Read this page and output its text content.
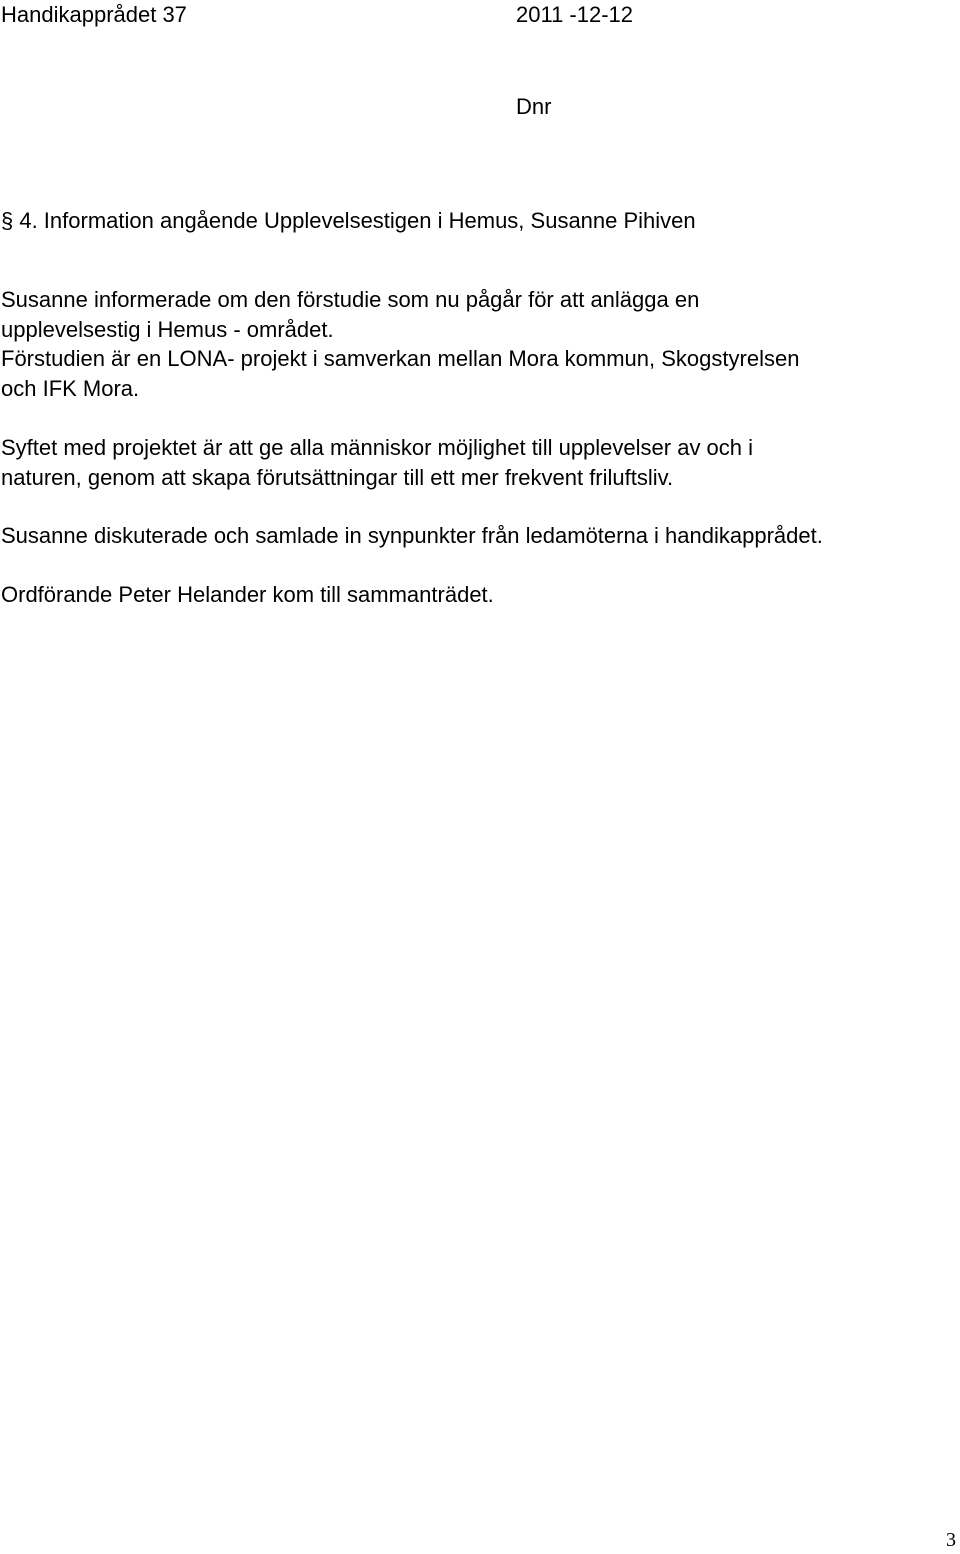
Handikapprådet 37	2011 -12-12
Dnr
§ 4. Information angående Upplevelsestigen i Hemus, Susanne Pihiven
Susanne informerade om den förstudie som nu pågår för att anlägga en
upplevelsestig i Hemus - området.
Förstudien är en LONA- projekt i samverkan mellan Mora kommun, Skogstyrelsen
och IFK Mora.
Syftet med projektet är att ge alla människor möjlighet till upplevelser av och i
naturen, genom att skapa förutsättningar till ett mer frekvent friluftsliv.
Susanne diskuterade och samlade in synpunkter från ledamöterna i handikapprådet.
Ordförande Peter Helander kom till sammanträdet.
3
